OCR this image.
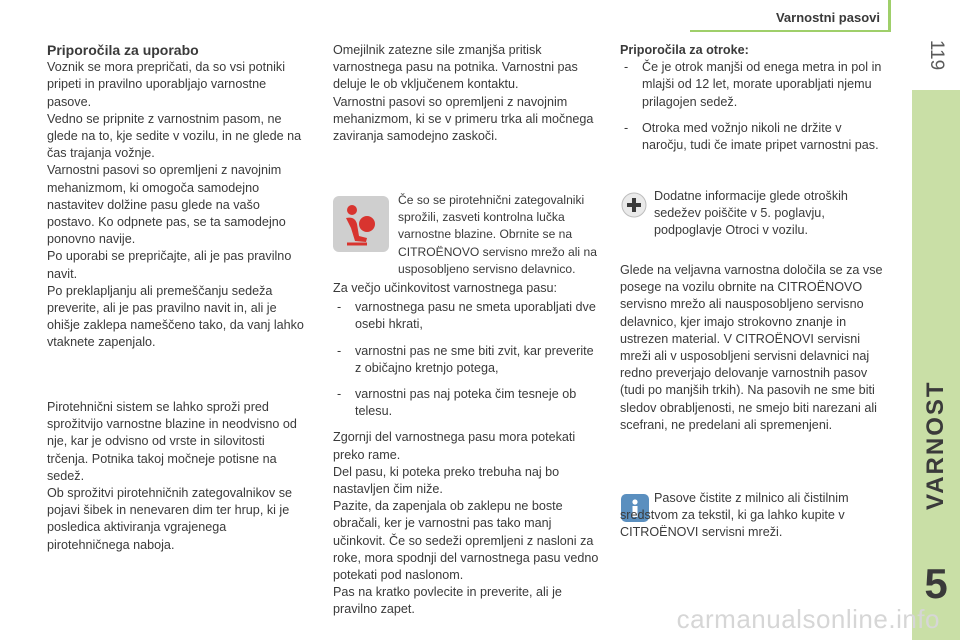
Varnostni pasovi
119
VARNOST
5

Priporočila za uporabo

Voznik se mora prepričati, da so vsi potniki pripeti in pravilno uporabljajo varnostne pasove.

Vedno se pripnite z varnostnim pasom, ne glede na to, kje sedite v vozilu, in ne glede na čas trajanja vožnje.

Varnostni pasovi so opremljeni z navojnim mehanizmom, ki omogoča samodejno nastavitev dolžine pasu glede na vašo postavo. Ko odpnete pas, se ta samodejno ponovno navije.

Po uporabi se prepričajte, ali je pas pravilno navit.

Po preklapljanju ali premeščanju sedeža preverite, ali je pas pravilno navit in, ali je ohišje zaklepa nameščeno tako, da vanj lahko vtaknete zapenjalo.

Pirotehnični sistem se lahko sproži pred sprožitvijo varnostne blazine in neodvisno od nje, kar je odvisno od vrste in silovitosti trčenja. Potnika takoj močneje potisne na sedež.

Ob sprožitvi pirotehničnih zategovalnikov se pojavi šibek in nenevaren dim ter hrup, ki je posledica aktiviranja vgrajenega pirotehničnega naboja.

Omejilnik zatezne sile zmanjša pritisk varnostnega pasu na potnika. Varnostni pas deluje le ob vključenem kontaktu.

Varnostni pasovi so opremljeni z navojnim mehanizmom, ki se v primeru trka ali močnega zaviranja samodejno zaskoči.

Če so se pirotehnični zategovalniki sprožili, zasveti kontrolna lučka varnostne blazine. Obrnite se na CITROËNOVO servisno mrežo ali na usposobljeno servisno delavnico.

Za večjo učinkovitost varnostnega pasu:

- varnostnega pasu ne smeta uporabljati dve osebi hkrati,
- varnostni pas ne sme biti zvit, kar preverite z običajno kretnjo potega,
- varnostni pas naj poteka čim tesneje ob telesu.

Zgornji del varnostnega pasu mora potekati preko rame.

Del pasu, ki poteka preko trebuha naj bo nastavljen čim niže.

Pazite, da zapenjala ob zaklepu ne boste obračali, ker je varnostni pas tako manj učinkovit. Če so sedeži opremljeni z nasloni za roke, mora spodnji del varnostnega pasu vedno potekati pod naslonom.

Pas na kratko povlecite in preverite, ali je pravilno zapet.

Priporočila za otroke:

- Če je otrok manjši od enega metra in pol in mlajši od 12 let, morate uporabljati njemu prilagojen sedež.
- Otroka med vožnjo nikoli ne držite v naročju, tudi če imate pripet varnostni pas.

Dodatne informacije glede otroških sedežev poiščite v 5. poglavju, podpoglavje Otroci v vozilu.

Glede na veljavna varnostna določila se za vse posege na vozilu obrnite na CITROËNOVO servisno mrežo ali nausposobljeno servisno delavnico, kjer imajo strokovno znanje in ustrezen material. V CITROËNOVI servisni mreži ali v usposobljeni servisni delavnici naj redno preverjajo delovanje varnostnih pasov (tudi po manjših trkih). Na pasovih ne sme biti sledov obrabljenosti, ne smejo biti narezani ali scefrani, ne predelani ali spremenjeni.

Pasove čistite z milnico ali čistilnim sredstvom za tekstil, ki ga lahko kupite v CITROËNOVI servisni mreži.

carmanualsonline.info
